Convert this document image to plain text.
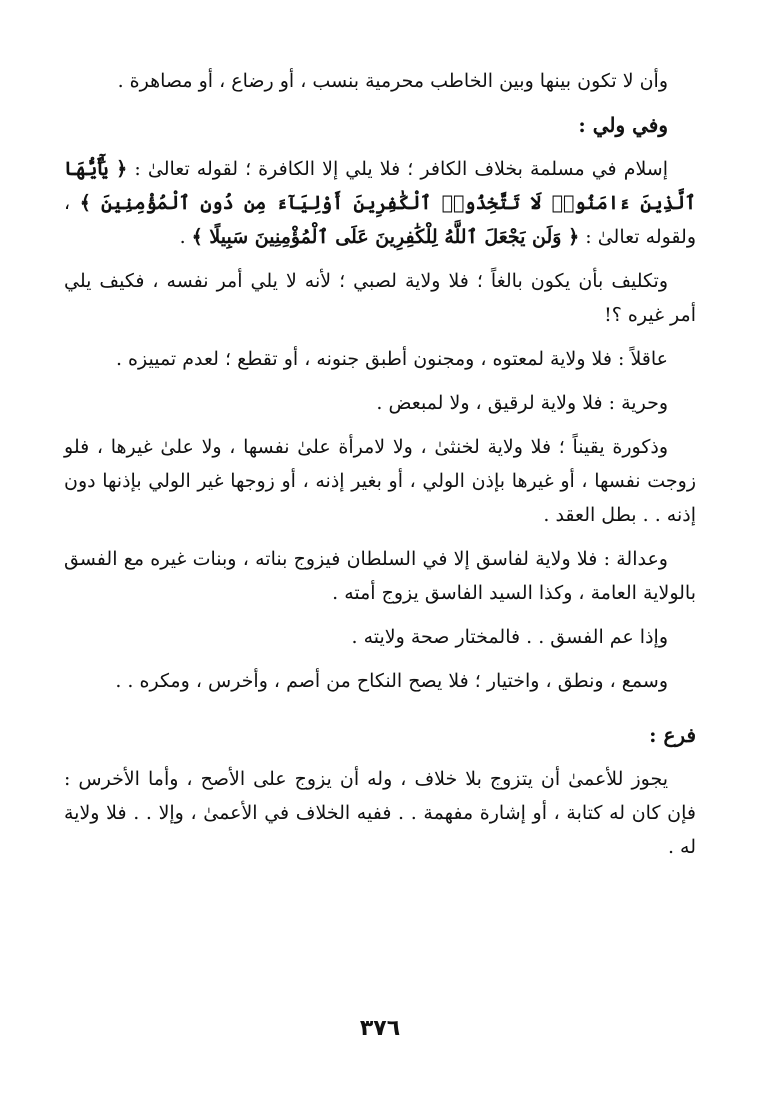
وأن لا تكون بينها وبين الخاطب محرمية بنسب ، أو رضاع ، أو مصاهرة .

وفي ولي :

إسلام في مسلمة بخلاف الكافر ؛ فلا يلي إلا الكافرة ؛ لقوله تعالىٰ : ﴿ يَٰٓأَيُّهَا ٱلَّذِينَ ءَامَنُوا۟ لَا تَتَّخِذُوا۟ ٱلْكَٰفِرِينَ أَوْلِيَآءَ مِن دُونِ ٱلْمُؤْمِنِينَ ﴾ ، ولقوله تعالىٰ : ﴿ وَلَن يَجْعَلَ ٱللَّهُ لِلْكَٰفِرِينَ عَلَى ٱلْمُؤْمِنِينَ سَبِيلًا ﴾ .

وتكليف بأن يكون بالغاً ؛ فلا ولاية لصبي ؛ لأنه لا يلي أمر نفسه ، فكيف يلي أمر غيره ؟!

عاقلاً : فلا ولاية لمعتوه ، ومجنون أطبق جنونه ، أو تقطع ؛ لعدم تمييزه .

وحرية : فلا ولاية لرقيق ، ولا لمبعض .

وذكورة يقيناً ؛ فلا ولاية لخنثىٰ ، ولا لامرأة علىٰ نفسها ، ولا علىٰ غيرها ، فلو زوجت نفسها ، أو غيرها بإذن الولي ، أو بغير إذنه ، أو زوجها غير الولي بإذنها دون إذنه . . بطل العقد .

وعدالة : فلا ولاية لفاسق إلا في السلطان فيزوج بناته ، وبنات غيره مع الفسق بالولاية العامة ، وكذا السيد الفاسق يزوج أمته .

وإذا عم الفسق . . فالمختار صحة ولايته .

وسمع ، ونطق ، واختيار ؛ فلا يصح النكاح من أصم ، وأخرس ، ومكره . .

فرع :

يجوز للأعمىٰ أن يتزوج بلا خلاف ، وله أن يزوج على الأصح ، وأما الأخرس : فإن كان له كتابة ، أو إشارة مفهمة . . ففيه الخلاف في الأعمىٰ ، وإلا . . فلا ولاية له .

٣٧٦
